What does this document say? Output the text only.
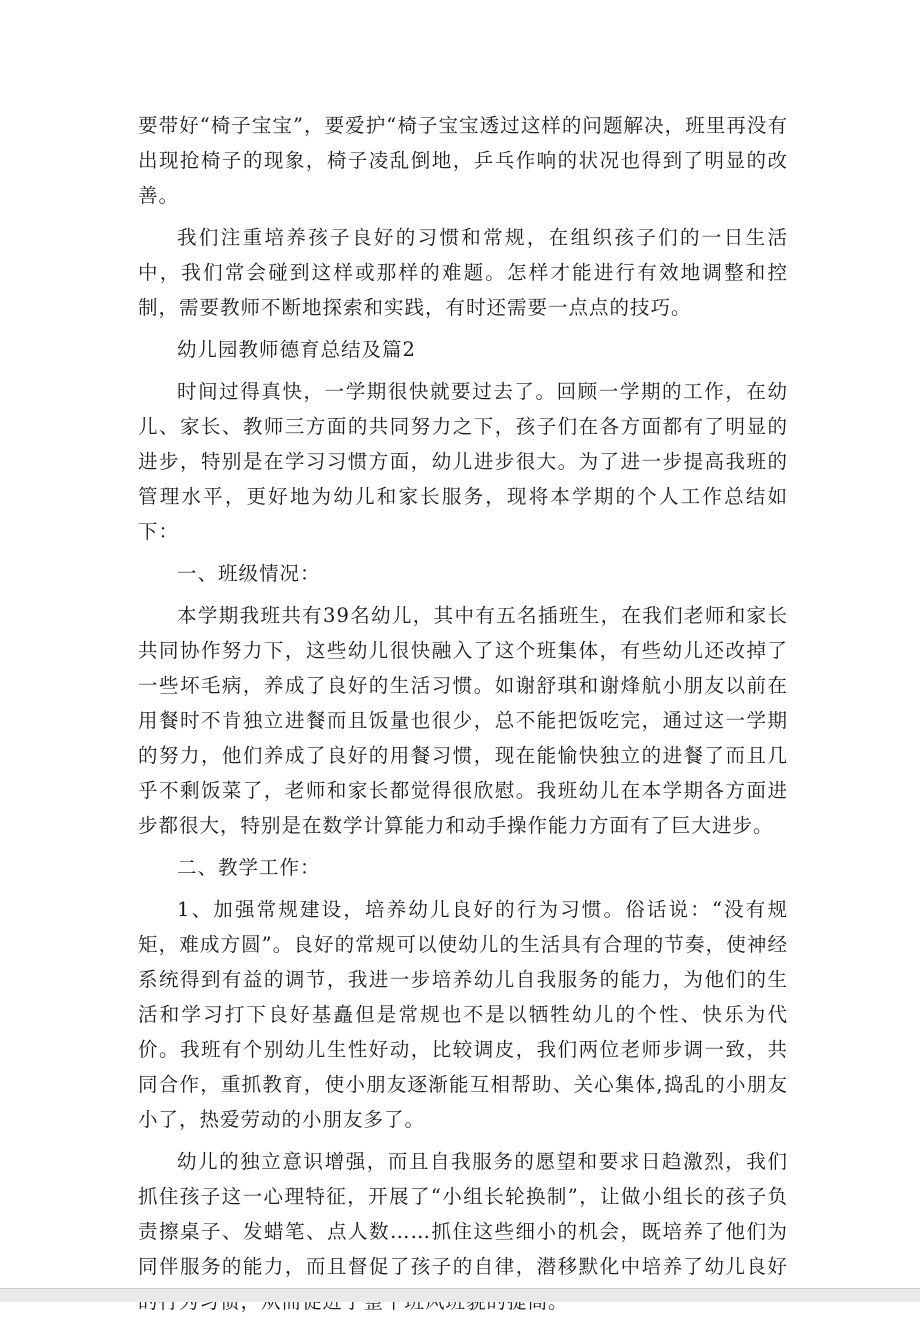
要带好“椅子宝宝”，要爱护“椅子宝宝透过这样的问题解决，班里再没有出现抢椅子的现象，椅子凌乱倒地，乒乓作响的状况也得到了明显的改善。

我们注重培养孩子良好的习惯和常规，在组织孩子们的一日生活中，我们常会碰到这样或那样的难题。怎样才能进行有效地调整和控制，需要教师不断地探索和实践，有时还需要一点点的技巧。

幼儿园教师德育总结及篇2

时间过得真快，一学期很快就要过去了。回顾一学期的工作，在幼儿、家长、教师三方面的共同努力之下，孩子们在各方面都有了明显的进步，特别是在学习习惯方面，幼儿进步很大。为了进一步提高我班的管理水平，更好地为幼儿和家长服务，现将本学期的个人工作总结如下：

一、班级情况：

本学期我班共有39名幼儿，其中有五名插班生，在我们老师和家长共同协作努力下，这些幼儿很快融入了这个班集体，有些幼儿还改掉了一些坏毛病，养成了良好的生活习惯。如谢舒琪和谢烽航小朋友以前在用餐时不肯独立进餐而且饭量也很少，总不能把饭吃完，通过这一学期的努力，他们养成了良好的用餐习惯，现在能愉快独立的进餐了而且几乎不剩饭菜了，老师和家长都觉得很欣慰。我班幼儿在本学期各方面进步都很大，特别是在数学计算能力和动手操作能力方面有了巨大进步。

二、教学工作：

1、加强常规建设，培养幼儿良好的行为习惯。俗话说：“没有规矩，难成方圆”。良好的常规可以使幼儿的生活具有合理的节奏，使神经系统得到有益的调节，我进一步培养幼儿自我服务的能力，为他们的生活和学习打下良好基矗但是常规也不是以牺牲幼儿的个性、快乐为代价。我班有个别幼儿生性好动，比较调皮，我们两位老师步调一致，共同合作，重抓教育，使小朋友逐渐能互相帮助、关心集体,捣乱的小朋友小了，热爱劳动的小朋友多了。

幼儿的独立意识增强，而且自我服务的愿望和要求日趋激烈，我们抓住孩子这一心理特征，开展了“小组长轮换制”，让做小组长的孩子负责擦桌子、发蜡笔、点人数……抓住这些细小的机会，既培养了他们为同伴服务的能力，而且督促了孩子的自律，潜移默化中培养了幼儿良好
